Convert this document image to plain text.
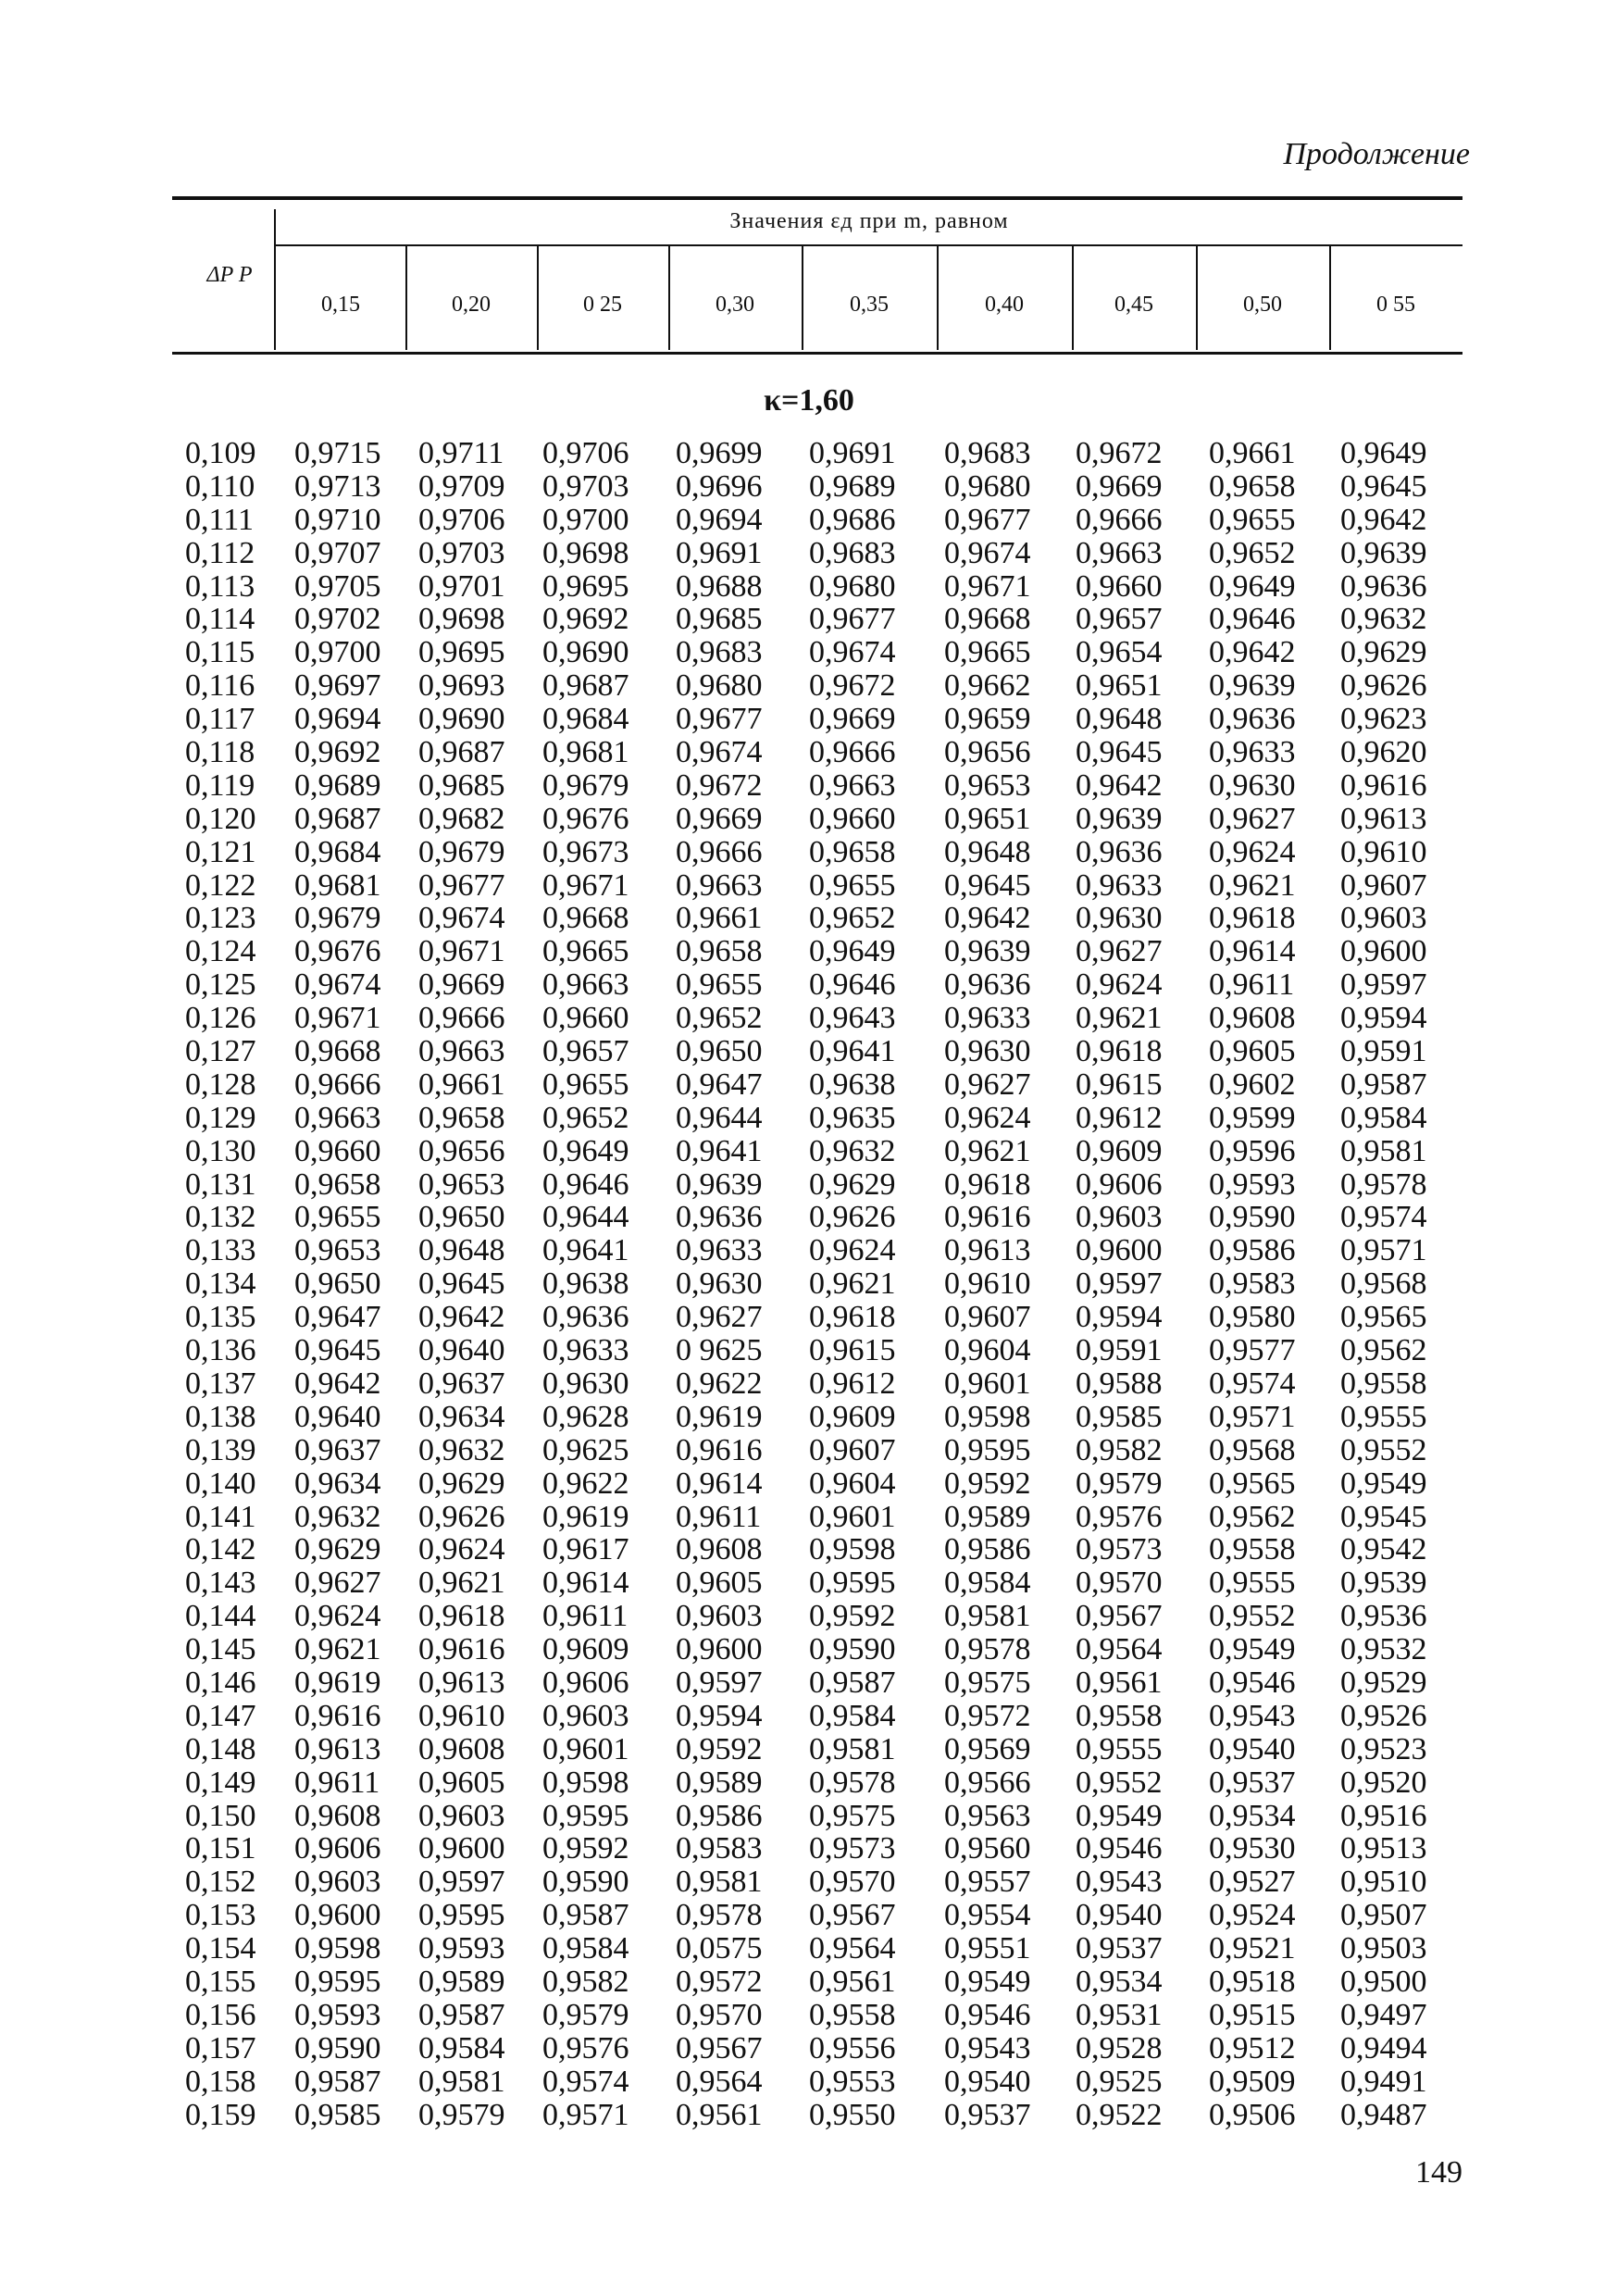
Продолжение
ΔP P
Значения εд при m, равном
0,15	0,20	0 25	0,30	0,35	0,40	0,45	0,50	0 55
κ=1,60
0,109 0,9715 0,9711 0,9706 0,9699 0,9691 0,9683 0,9672 0,9661 0,9649
0,110 0,9713 0,9709 0,9703 0,9696 0,9689 0,9680 0,9669 0,9658 0,9645
0,111 0,9710 0,9706 0,9700 0,9694 0,9686 0,9677 0,9666 0,9655 0,9642
0,112 0,9707 0,9703 0,9698 0,9691 0,9683 0,9674 0,9663 0,9652 0,9639
0,113 0,9705 0,9701 0,9695 0,9688 0,9680 0,9671 0,9660 0,9649 0,9636
0,114 0,9702 0,9698 0,9692 0,9685 0,9677 0,9668 0,9657 0,9646 0,9632
0,115 0,9700 0,9695 0,9690 0,9683 0,9674 0,9665 0,9654 0,9642 0,9629
0,116 0,9697 0,9693 0,9687 0,9680 0,9672 0,9662 0,9651 0,9639 0,9626
0,117 0,9694 0,9690 0,9684 0,9677 0,9669 0,9659 0,9648 0,9636 0,9623
0,118 0,9692 0,9687 0,9681 0,9674 0,9666 0,9656 0,9645 0,9633 0,9620
0,119 0,9689 0,9685 0,9679 0,9672 0,9663 0,9653 0,9642 0,9630 0,9616
0,120 0,9687 0,9682 0,9676 0,9669 0,9660 0,9651 0,9639 0,9627 0,9613
0,121 0,9684 0,9679 0,9673 0,9666 0,9658 0,9648 0,9636 0,9624 0,9610
0,122 0,9681 0,9677 0,9671 0,9663 0,9655 0,9645 0,9633 0,9621 0,9607
0,123 0,9679 0,9674 0,9668 0,9661 0,9652 0,9642 0,9630 0,9618 0,9603
0,124 0,9676 0,9671 0,9665 0,9658 0,9649 0,9639 0,9627 0,9614 0,9600
0,125 0,9674 0,9669 0,9663 0,9655 0,9646 0,9636 0,9624 0,9611 0,9597
0,126 0,9671 0,9666 0,9660 0,9652 0,9643 0,9633 0,9621 0,9608 0,9594
0,127 0,9668 0,9663 0,9657 0,9650 0,9641 0,9630 0,9618 0,9605 0,9591
0,128 0,9666 0,9661 0,9655 0,9647 0,9638 0,9627 0,9615 0,9602 0,9587
0,129 0,9663 0,9658 0,9652 0,9644 0,9635 0,9624 0,9612 0,9599 0,9584
0,130 0,9660 0,9656 0,9649 0,9641 0,9632 0,9621 0,9609 0,9596 0,9581
0,131 0,9658 0,9653 0,9646 0,9639 0,9629 0,9618 0,9606 0,9593 0,9578
0,132 0,9655 0,9650 0,9644 0,9636 0,9626 0,9616 0,9603 0,9590 0,9574
0,133 0,9653 0,9648 0,9641 0,9633 0,9624 0,9613 0,9600 0,9586 0,9571
0,134 0,9650 0,9645 0,9638 0,9630 0,9621 0,9610 0,9597 0,9583 0,9568
0,135 0,9647 0,9642 0,9636 0,9627 0,9618 0,9607 0,9594 0,9580 0,9565
0,136 0,9645 0,9640 0,9633 0 9625 0,9615 0,9604 0,9591 0,9577 0,9562
0,137 0,9642 0,9637 0,9630 0,9622 0,9612 0,9601 0,9588 0,9574 0,9558
0,138 0,9640 0,9634 0,9628 0,9619 0,9609 0,9598 0,9585 0,9571 0,9555
0,139 0,9637 0,9632 0,9625 0,9616 0,9607 0,9595 0,9582 0,9568 0,9552
0,140 0,9634 0,9629 0,9622 0,9614 0,9604 0,9592 0,9579 0,9565 0,9549
0,141 0,9632 0,9626 0,9619 0,9611 0,9601 0,9589 0,9576 0,9562 0,9545
0,142 0,9629 0,9624 0,9617 0,9608 0,9598 0,9586 0,9573 0,9558 0,9542
0,143 0,9627 0,9621 0,9614 0,9605 0,9595 0,9584 0,9570 0,9555 0,9539
0,144 0,9624 0,9618 0,9611 0,9603 0,9592 0,9581 0,9567 0,9552 0,9536
0,145 0,9621 0,9616 0,9609 0,9600 0,9590 0,9578 0,9564 0,9549 0,9532
0,146 0,9619 0,9613 0,9606 0,9597 0,9587 0,9575 0,9561 0,9546 0,9529
0,147 0,9616 0,9610 0,9603 0,9594 0,9584 0,9572 0,9558 0,9543 0,9526
0,148 0,9613 0,9608 0,9601 0,9592 0,9581 0,9569 0,9555 0,9540 0,9523
0,149 0,9611 0,9605 0,9598 0,9589 0,9578 0,9566 0,9552 0,9537 0,9520
0,150 0,9608 0,9603 0,9595 0,9586 0,9575 0,9563 0,9549 0,9534 0,9516
0,151 0,9606 0,9600 0,9592 0,9583 0,9573 0,9560 0,9546 0,9530 0,9513
0,152 0,9603 0,9597 0,9590 0,9581 0,9570 0,9557 0,9543 0,9527 0,9510
0,153 0,9600 0,9595 0,9587 0,9578 0,9567 0,9554 0,9540 0,9524 0,9507
0,154 0,9598 0,9593 0,9584 0,0575 0,9564 0,9551 0,9537 0,9521 0,9503
0,155 0,9595 0,9589 0,9582 0,9572 0,9561 0,9549 0,9534 0,9518 0,9500
0,156 0,9593 0,9587 0,9579 0,9570 0,9558 0,9546 0,9531 0,9515 0,9497
0,157 0,9590 0,9584 0,9576 0,9567 0,9556 0,9543 0,9528 0,9512 0,9494
0,158 0,9587 0,9581 0,9574 0,9564 0,9553 0,9540 0,9525 0,9509 0,9491
0,159 0,9585 0,9579 0,9571 0,9561 0,9550 0,9537 0,9522 0,9506 0,9487
149
